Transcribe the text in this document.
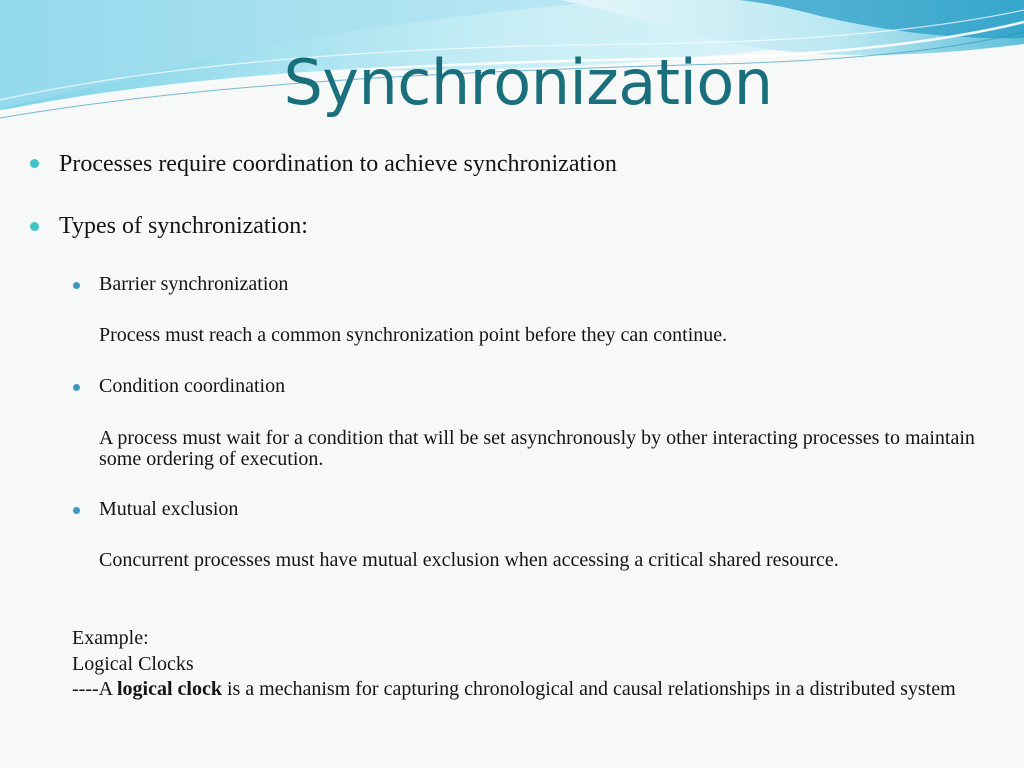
Synchronization
Processes require coordination to achieve synchronization
Types of synchronization:
Barrier synchronization
Process must reach a common synchronization point before they can continue.
Condition coordination
A process must wait for a condition that will be set asynchronously by other interacting processes to maintain some ordering of execution.
Mutual exclusion
Concurrent processes must have mutual exclusion when accessing a critical shared resource.
Example:
Logical Clocks
----A logical clock is a mechanism for capturing chronological and causal relationships in a distributed system
